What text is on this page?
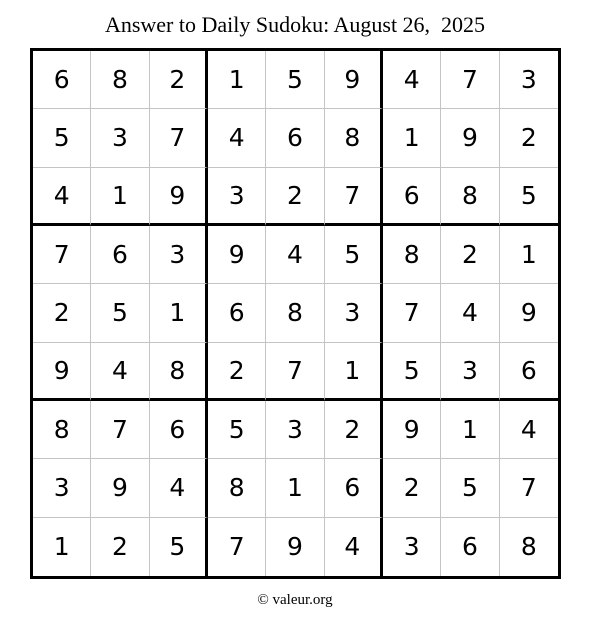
Answer to Daily Sudoku: August 26,  2025
6	8	2	1	5	9	4	7	3
5	3	7	4	6	8	1	9	2
4	1	9	3	2	7	6	8	5
7	6	3	9	4	5	8	2	1
2	5	1	6	8	3	7	4	9
9	4	8	2	7	1	5	3	6
8	7	6	5	3	2	9	1	4
3	9	4	8	1	6	2	5	7
1	2	5	7	9	4	3	6	8
© valeur.org
